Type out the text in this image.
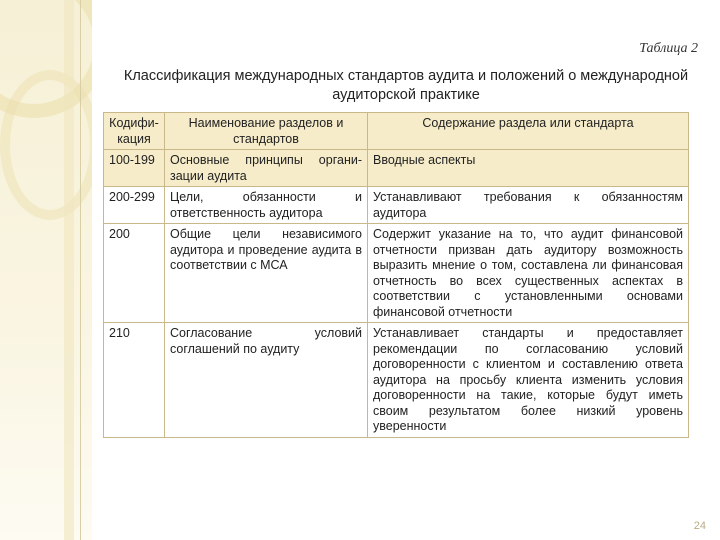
Таблица 2
Классификация международных стандартов аудита и положений о международной аудиторской практике
Кодифи-кация	Наименование разделов и стандартов	Содержание раздела или стандарта
100-199	Основные принципы органи-зации аудита	Вводные аспекты
200-299	Цели, обязанности и ответственность аудитора	Устанавливают требования к обязанностям аудитора
200	Общие цели независимого аудитора и проведение аудита в соответствии с МСА	Содержит указание на то, что аудит финансовой отчетности призван дать аудитору возможность выразить мнение о том, составлена ли финансовая отчетность во всех существенных аспектах в соответствии с установленными основами финансовой отчетности
210	Согласование условий соглашений по аудиту	Устанавливает стандарты и предоставляет рекомендации по согласованию условий договоренности с клиентом и составлению ответа аудитора на просьбу клиента изменить условия договоренности на такие, которые будут иметь своим результатом более низкий уровень уверенности
24
